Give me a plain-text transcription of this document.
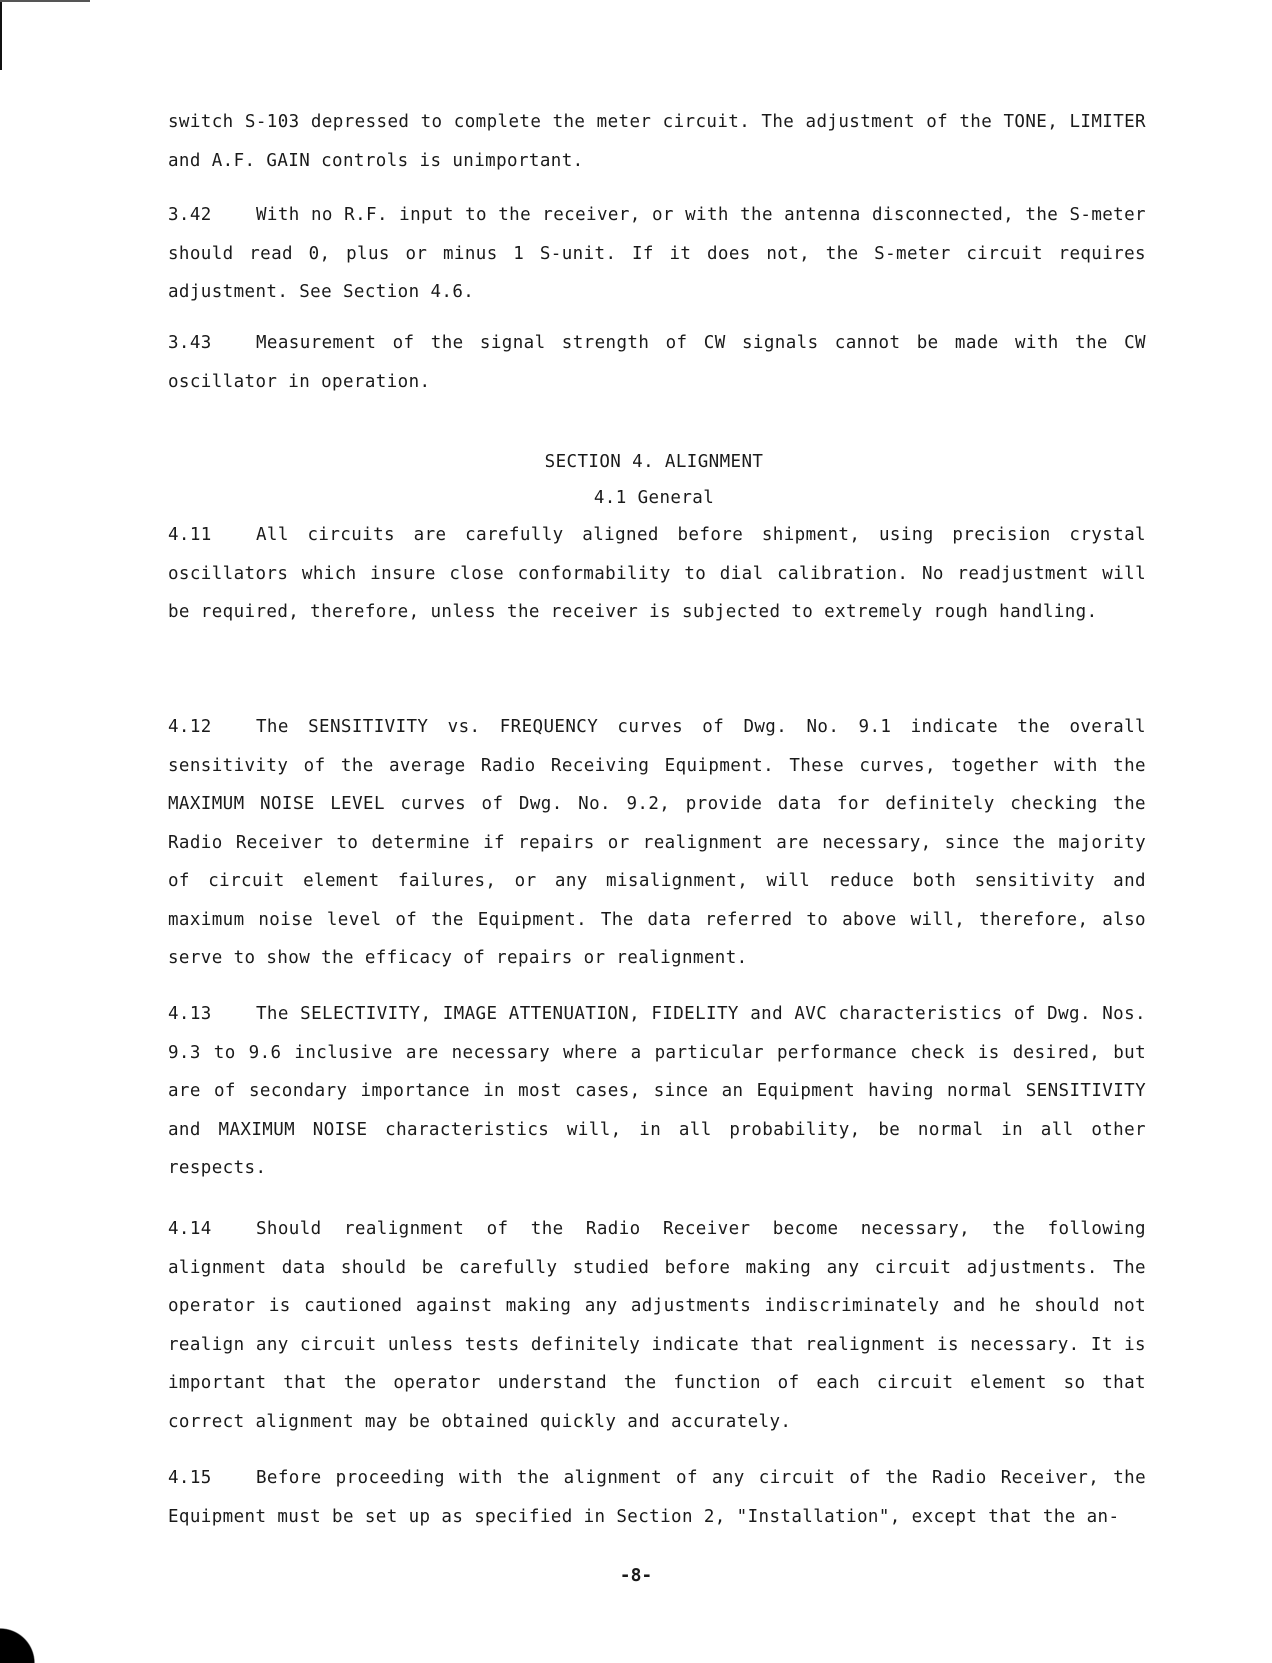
switch S-103 depressed to complete the meter circuit. The adjustment of the TONE, LIMITER and A.F. GAIN controls is unimportant.

3.42	With no R.F. input to the receiver, or with the antenna disconnected, the S-meter should read 0, plus or minus 1 S-unit. If it does not, the S-meter circuit requires adjustment. See Section 4.6.

3.43	Measurement of the signal strength of CW signals cannot be made with the CW oscillator in operation.

SECTION 4. ALIGNMENT

4.1 General

4.11	All circuits are carefully aligned before shipment, using precision crystal oscillators which insure close conformability to dial calibration. No readjustment will be required, therefore, unless the receiver is subjected to extremely rough handling.

4.12	The SENSITIVITY vs. FREQUENCY curves of Dwg. No. 9.1 indicate the overall sensitivity of the average Radio Receiving Equipment. These curves, together with the MAXIMUM NOISE LEVEL curves of Dwg. No. 9.2, provide data for definitely checking the Radio Receiver to determine if repairs or realignment are necessary, since the majority of circuit element failures, or any misalignment, will reduce both sensitivity and maximum noise level of the Equipment. The data referred to above will, therefore, also serve to show the efficacy of repairs or realignment.

4.13	The SELECTIVITY, IMAGE ATTENUATION, FIDELITY and AVC characteristics of Dwg. Nos. 9.3 to 9.6 inclusive are necessary where a particular performance check is desired, but are of secondary importance in most cases, since an Equipment having normal SENSITIVITY and MAXIMUM NOISE characteristics will, in all probability, be normal in all other respects.

4.14	Should realignment of the Radio Receiver become necessary, the following alignment data should be carefully studied before making any circuit adjustments. The operator is cautioned against making any adjustments indiscriminately and he should not realign any circuit unless tests definitely indicate that realignment is necessary. It is important that the operator understand the function of each circuit element so that correct alignment may be obtained quickly and accurately.

4.15	Before proceeding with the alignment of any circuit of the Radio Receiver, the Equipment must be set up as specified in Section 2, "Installation", except that the an-

-8-
